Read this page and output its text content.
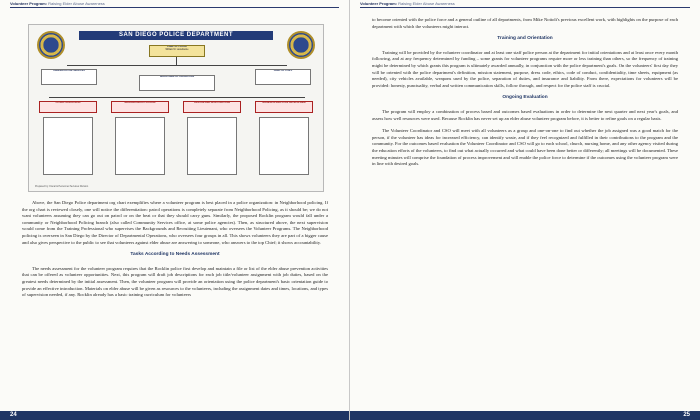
Volunteer Program: Raising Elder Abuse Awareness
SAN DIEGO POLICE DEPARTMENT
CHIEF OF POLICE
William M. Lansdowne
ADMINISTRATIVE SERVICES
DEPARTMENTAL OPERATIONS
CHIEF OF STAFF
PATROL OPERATIONS	NEIGHBORHOOD POLICING	CENTRALIZED INVESTIGATIONS	TRAINING & EMPLOYEE DEVELOPMENT
Prepared by: Fiscal & Personnel Services Division

Above, the San Diego Police department org chart exemplifies where a volunteer program is best placed in a police organization: in Neighborhood policing. If the org chart is reviewed closely, one will notice the differentiation: patrol operations is completely separate from Neighborhood Policing, as it should be; we do not want volunteers assuming they can go out on patrol or on the beat or that they should carry guns. Similarly, the proposed Rocklin program would fall under a community or Neighborhood Policing branch (also called Community Services office, at some police agencies). Then, as structured above, the next supervision would come from the Training Professional who supervises the Backgrounds and Recruiting Lieutenant, who oversees the Volunteer Programs. The Neighborhood policing is overseen in San Diego by the Director of Departmental Operations, who oversees four groups in all. This shows volunteers they are part of a bigger cause and also gives perspective to the public to see that volunteers against elder abuse are answering to someone, who answers to the top Chief; it shows accountability.

Tasks According to Needs Assessment

The needs assessment for the volunteer program requires that the Rocklin police first develop and maintain a file or list of the elder abuse prevention activities that can be offered as volunteer opportunities. Next, this program will draft job descriptions for each job title/volunteer assignment with job duties, based on the greatest needs determined by the initial assessment. Then, the volunteer program will provide an orientation using the police department's basic orientation guide to provide an effective introduction. Materials on elder abuse will be given as resources to the volunteers, including the assignment dates and times, locations, and types of supervision needed, if any. Rocklin already has a basic training curriculum for volunteers

24
Volunteer Program: Raising Elder Abuse Awareness

to become oriented with the police force and a general outline of all departments, from Mike Nottoli's previous excellent work, with highlights on the purpose of each department with which the volunteers might interact.

Training and Orientation

Training will be provided by the volunteer coordinator and at least one staff police person at the department for initial orientations and at least once every month following, and at any frequency determined by funding – some grants for volunteer programs require more or less training than others, so the frequency of training might be determined by which grants this program is ultimately awarded annually, in conjunction with the police department's goals. On the volunteers' first day they will be oriented with the police department's definition, mission statement, purpose, dress code, ethics, code of conduct, confidentiality, time sheets, equipment (as needed), city vehicles available, weapons used by the police, separation of duties, and insurance and liability. From there, expectations for volunteers will be provided: honesty, punctuality, verbal and written communication skills, follow through, and respect for the police staff is crucial.

Ongoing Evaluation

The program will employ a combination of process based and outcomes based evaluations in order to determine the next quarter and next year's goals, and assess how well resources were used. Because Rocklin has never set up an elder abuse volunteer program before, it is better to refine goals on a regular basis.

The Volunteer Coordinator and CSO will meet with all volunteers as a group and one-on-one to find out whether the job assigned was a good match for the person, if the volunteer has ideas for increased efficiency, can identify waste, and if they feel recognized and fulfilled in their contributions to the program and the community. For the outcomes based evaluation the Volunteer Coordinator and CSO will go to each school, church, nursing home, and any other agency visited during the education efforts of the volunteers, to find out what actually occurred and what could have been done better or differently; all meetings will be documented. These meeting minutes will comprise the foundation of process improvement and will enable the police force to determine if the outcomes using the volunteer program were in line with desired goals.

25
